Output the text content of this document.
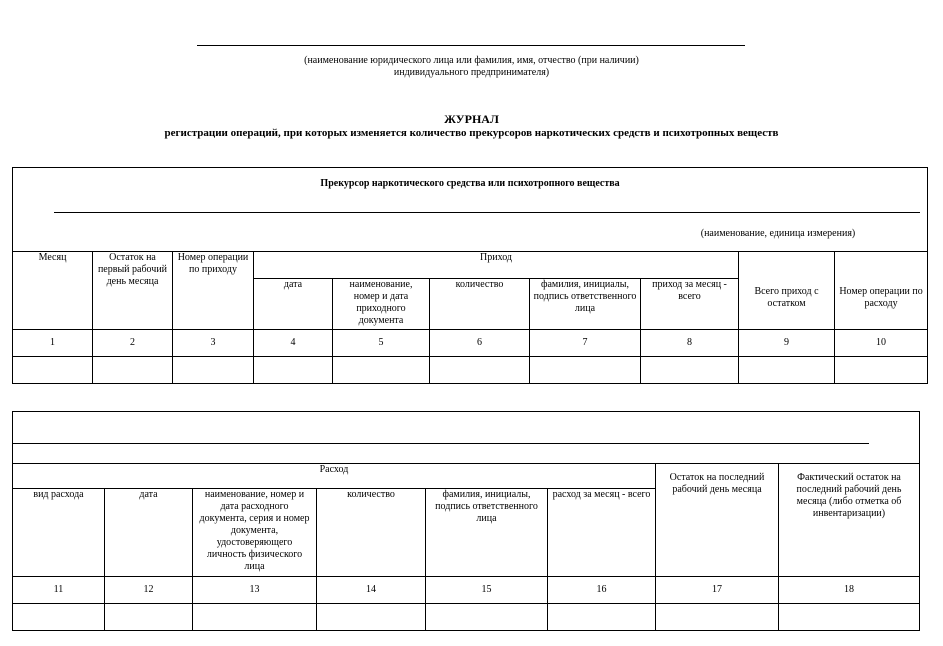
(наименование юридического лица или фамилия, имя, отчество (при наличии)
индивидуального предпринимателя)
ЖУРНАЛ
регистрации операций, при которых изменяется количество прекурсоров наркотических средств и психотропных веществ
Прекурсор наркотического средства или психотропного вещества
(наименование, единица измерения)									

Месяц	Остаток на первый рабочий день месяца	Номер операции по приходу	Приход					Всего приход с остатком	Номер операции по расходу
			дата	наименование, номер и дата приходного документа	количество	фамилия, инициалы, подпись ответственного лица	приход за месяц - всего		
1	2	3	4	5	6	7	8	9	10

Расход						Остаток на последний рабочий день месяца	Фактический остаток на последний рабочий день месяца (либо отметка об инвентаризации)
вид расхода	дата	наименование, номер и дата расходного документа, серия и номер документа, удостоверяющего личность физического лица	количество	фамилия, инициалы, подпись ответственного лица	расход за месяц - всего		
11	12	13	14	15	16	17	18
